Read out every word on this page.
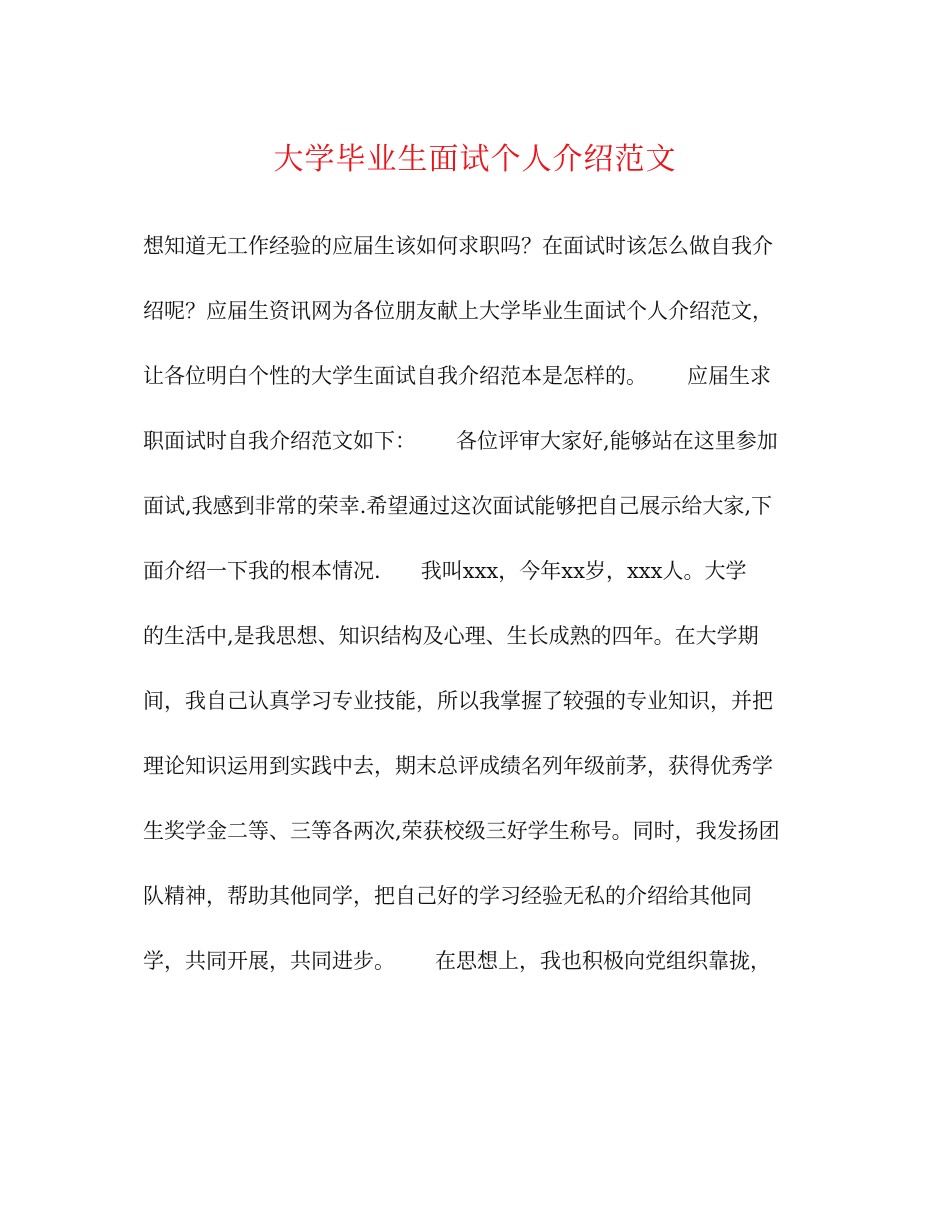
大学毕业生面试个人介绍范文
想知道无工作经验的应届生该如何求职吗？在面试时该怎么做自我介
绍呢？应届生资讯网为各位朋友献上大学毕业生面试个人介绍范文，
让各位明白个性的大学生面试自我介绍范本是怎样的。      应届生求
职面试时自我介绍范文如下：      各位评审大家好,能够站在这里参加
面试,我感到非常的荣幸.希望通过这次面试能够把自己展示给大家,下
面介绍一下我的根本情况.      我叫xxx，今年xx岁，xxx人。大学
的生活中,是我思想、知识结构及心理、生长成熟的四年。在大学期
间，我自己认真学习专业技能，所以我掌握了较强的专业知识，并把
理论知识运用到实践中去，期末总评成绩名列年级前茅，获得优秀学
生奖学金二等、三等各两次,荣获校级三好学生称号。同时，我发扬团
队精神，帮助其他同学，把自己好的学习经验无私的介绍给其他同
学，共同开展，共同进步。      在思想上，我也积极向党组织靠拢，
